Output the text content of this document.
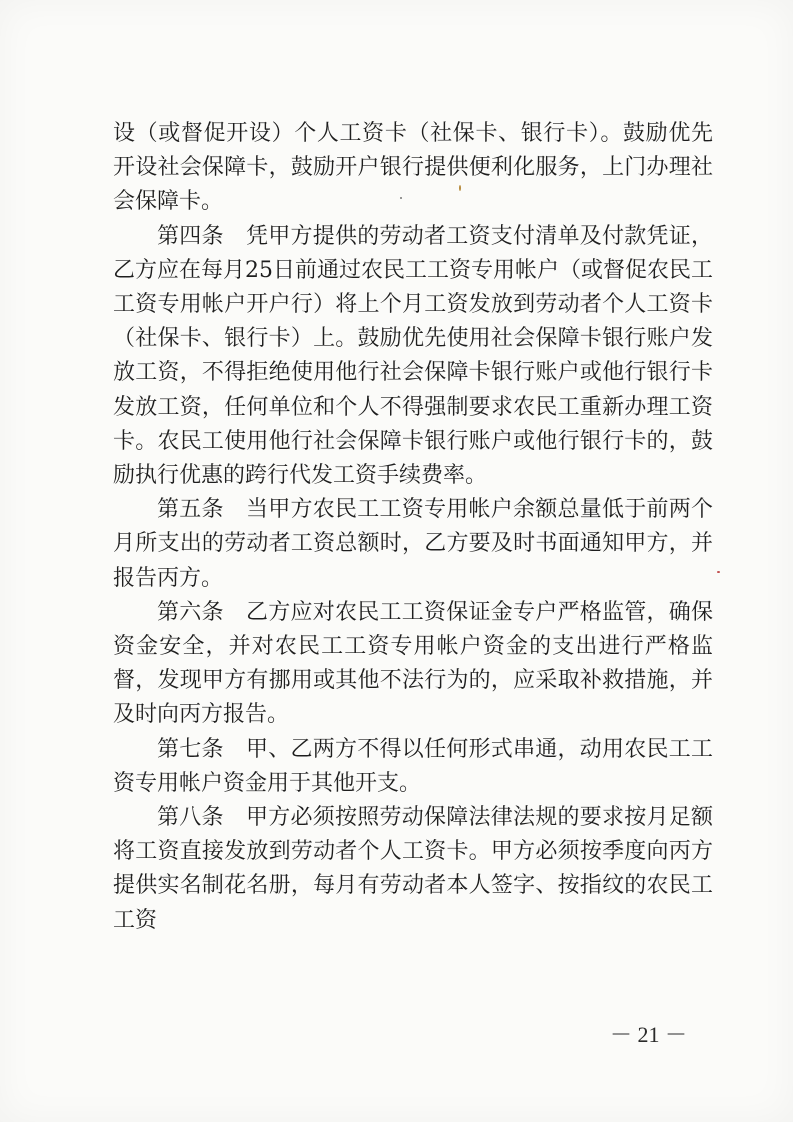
设（或督促开设）个人工资卡（社保卡、银行卡）。鼓励优先开设社会保障卡，鼓励开户银行提供便利化服务，上门办理社会保障卡。

第四条　凭甲方提供的劳动者工资支付清单及付款凭证，乙方应在每月25日前通过农民工工资专用帐户（或督促农民工工资专用帐户开户行）将上个月工资发放到劳动者个人工资卡（社保卡、银行卡）上。鼓励优先使用社会保障卡银行账户发放工资，不得拒绝使用他行社会保障卡银行账户或他行银行卡发放工资，任何单位和个人不得强制要求农民工重新办理工资卡。农民工使用他行社会保障卡银行账户或他行银行卡的，鼓励执行优惠的跨行代发工资手续费率。

第五条　当甲方农民工工资专用帐户余额总量低于前两个月所支出的劳动者工资总额时，乙方要及时书面通知甲方，并报告丙方。

第六条　乙方应对农民工工资保证金专户严格监管，确保资金安全，并对农民工工资专用帐户资金的支出进行严格监督，发现甲方有挪用或其他不法行为的，应采取补救措施，并及时向丙方报告。

第七条　甲、乙两方不得以任何形式串通，动用农民工工资专用帐户资金用于其他开支。

第八条　甲方必须按照劳动保障法律法规的要求按月足额将工资直接发放到劳动者个人工资卡。甲方必须按季度向丙方提供实名制花名册，每月有劳动者本人签字、按指纹的农民工工资

－ 21 －
